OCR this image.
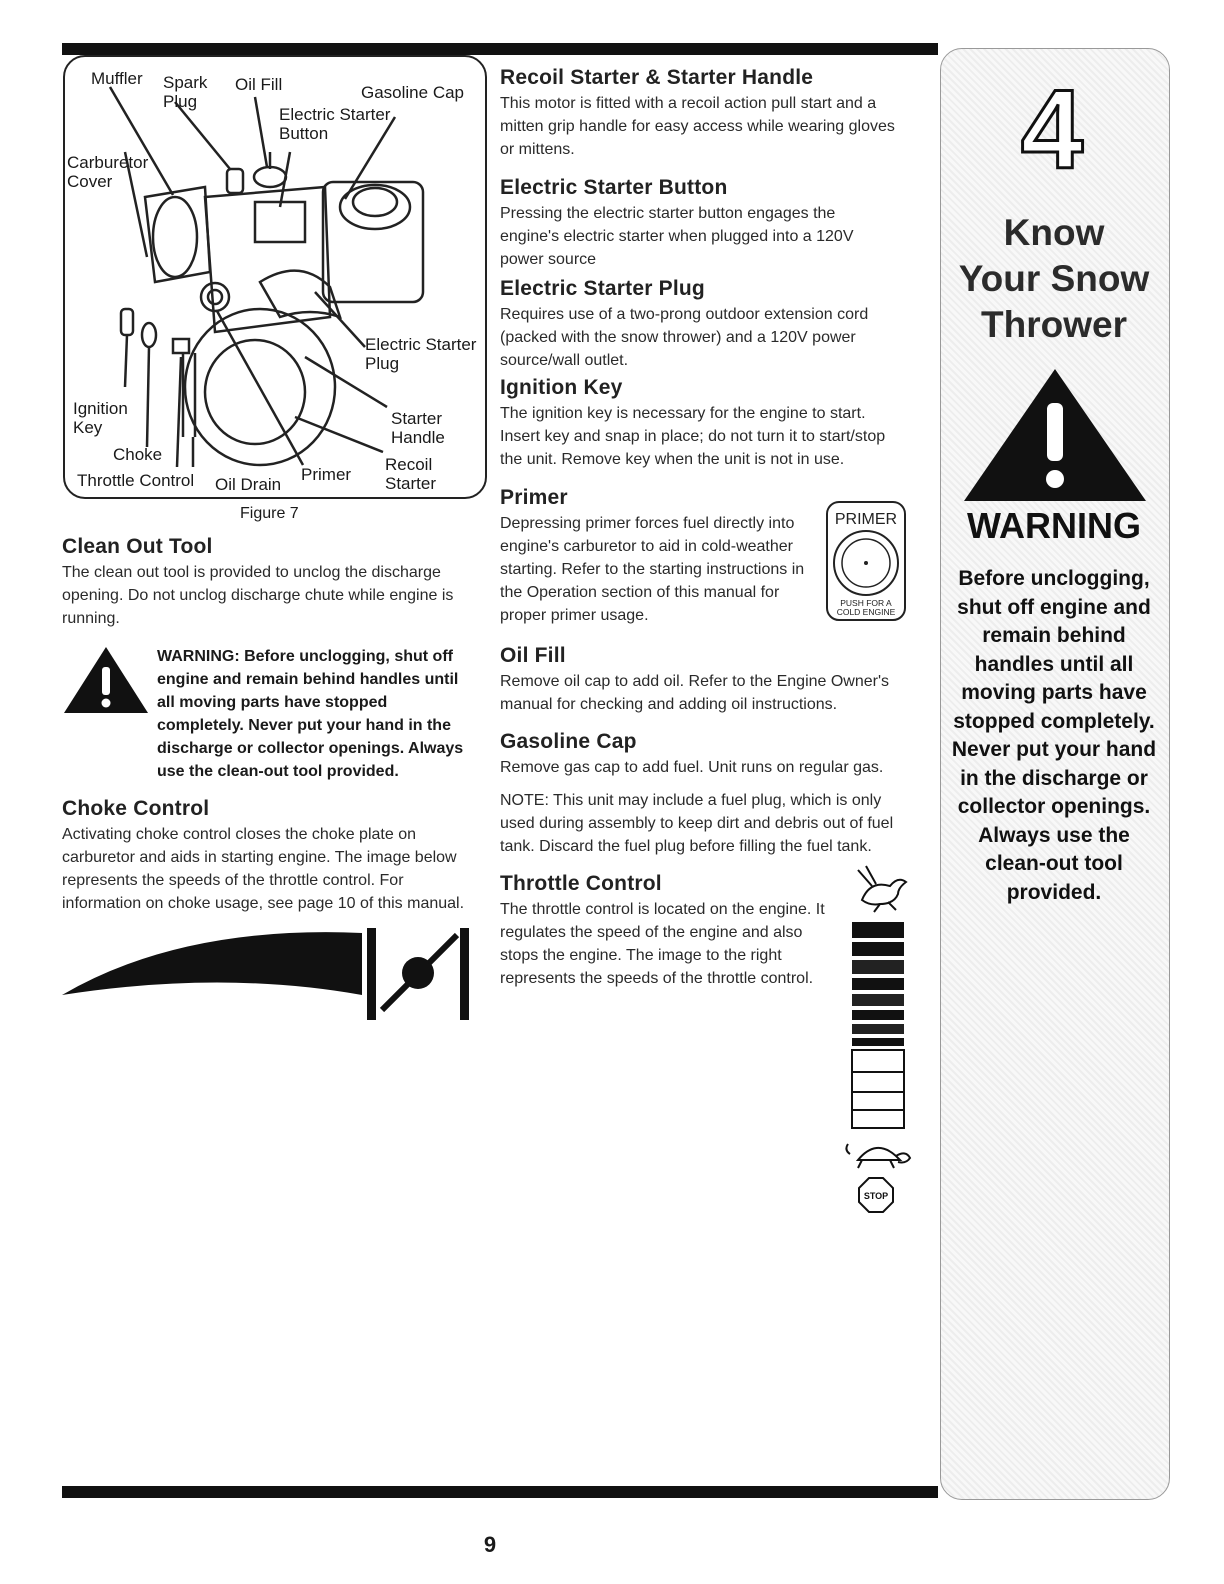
Muffler Spark
Plug
Oil Fill	Gasoline Cap
Electric Starter
Button
Carburetor
Cover
Electric Starter
Plug
Ignition
Key
Choke
Starter
Handle
Recoil
Starter
Throttle Control Oil Drain
Primer
Figure 7
Clean Out Tool

The clean out tool is provided to unclog the discharge opening. Do not unclog discharge chute while engine is running.

WARNING: Before unclogging, shut off engine and remain behind handles until all moving parts have stopped completely. Never put your hand in the discharge or collector openings. Always use the clean-out tool provided.
Choke Control

Activating choke control closes the choke plate on carburetor and aids in starting engine. The image below represents the speeds of the throttle control. For information on choke usage, see page 10 of this manual.

Recoil Starter & Starter Handle

This motor is fitted with a recoil action pull start and a mitten grip handle for easy access while wearing gloves or mittens.

Electric Starter Button

Pressing the electric starter button engages the engine's electric starter when plugged into a 120V power source

Electric Starter Plug

Requires use of a two-prong outdoor extension cord (packed with the snow thrower) and a 120V power source/wall outlet.

Ignition Key

The ignition key is necessary for the engine to start. Insert key and snap in place; do not turn it to start/stop the unit. Remove key when the unit is not in use.

Primer

Depressing primer forces fuel directly into engine's carburetor to aid in cold-weather starting. Refer to the starting instructions in the Operation section of this manual for proper primer usage.

PRIMER
PUSH FOR A
COLD ENGINE
Oil Fill

Remove oil cap to add oil. Refer to the Engine Owner's manual for checking and adding oil instructions.

Gasoline Cap

Remove gas cap to add fuel. Unit runs on regular gas.

NOTE: This unit may include a fuel plug, which is only used during assembly to keep dirt and debris out of fuel tank. Discard the fuel plug before filling the fuel tank.

Throttle Control

The throttle control is located on the engine. It regulates the speed of the engine and also stops the engine. The image to the right represents the speeds of the throttle control.

STOP
4
Know
Your Snow
Thrower
WARNING
Before unclogging, shut off engine and remain behind handles until all moving parts have stopped completely. Never put your hand in the discharge or collector openings. Always use the clean-out tool provided.
9
